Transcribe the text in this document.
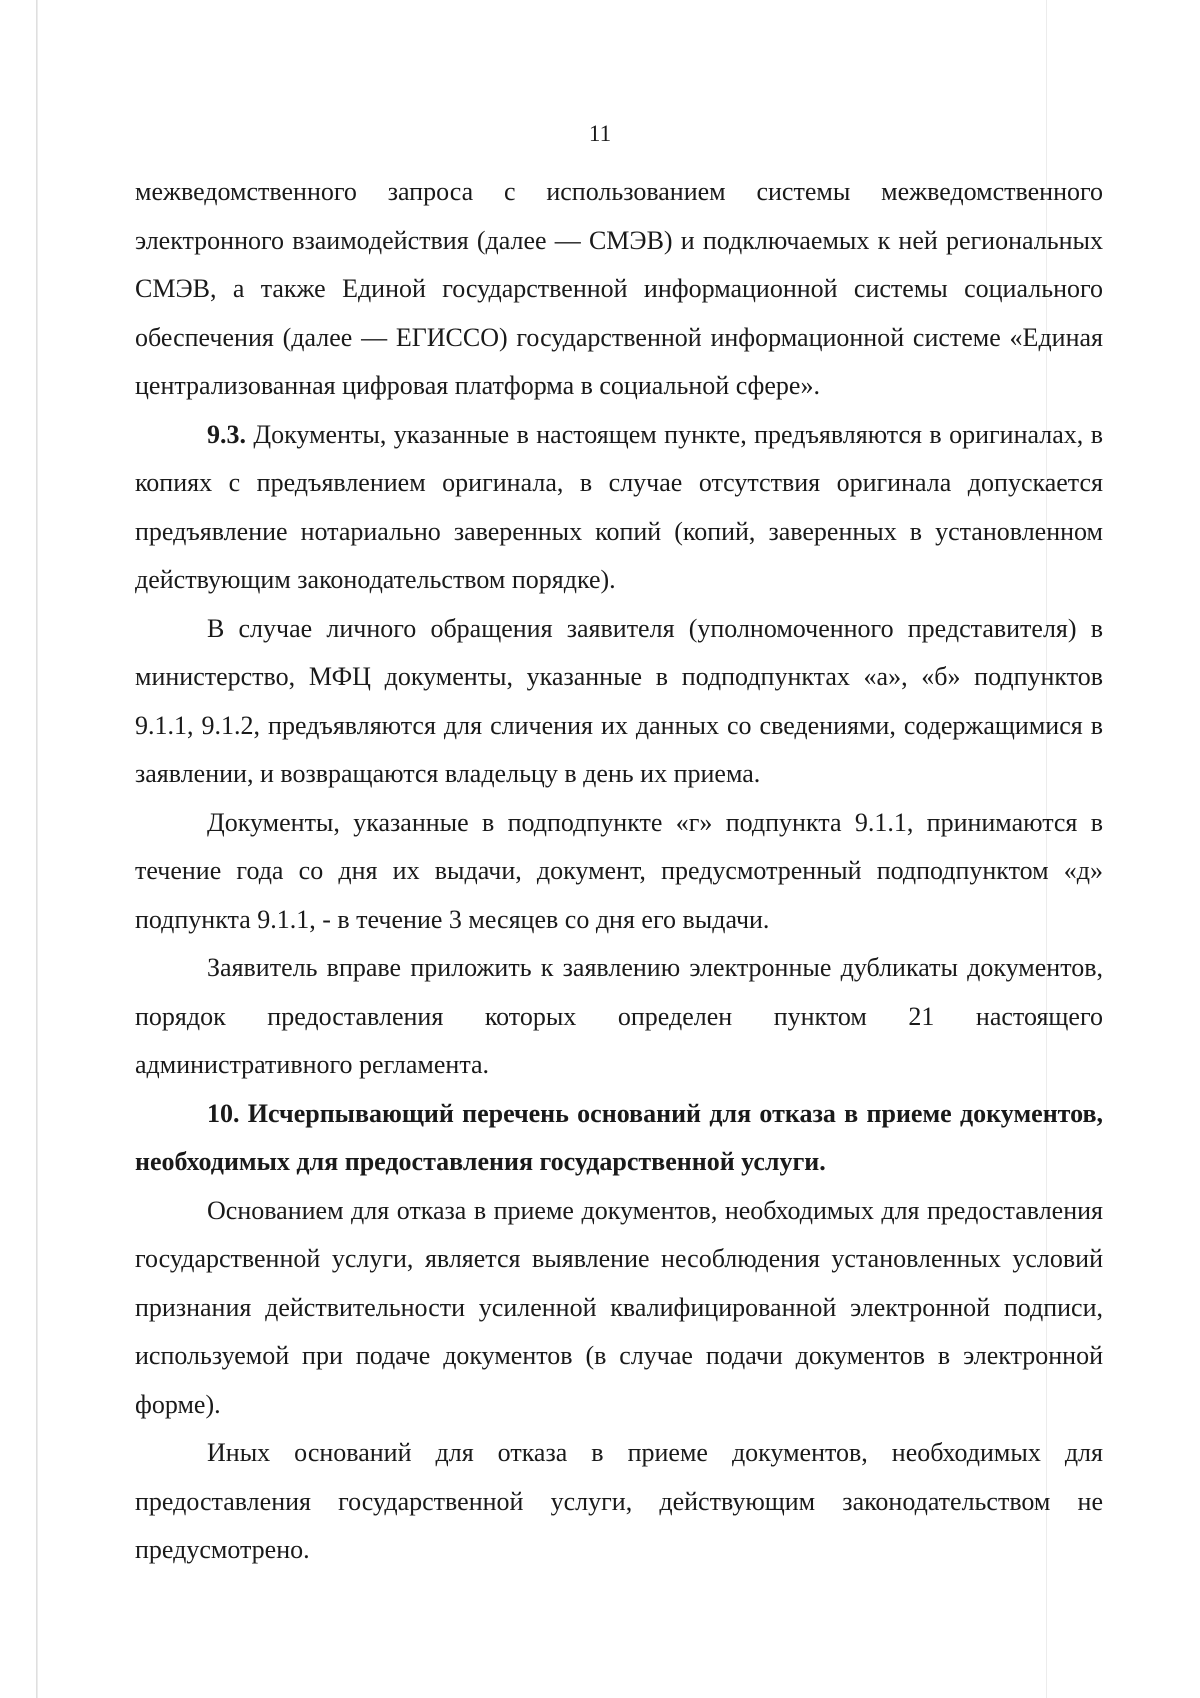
11

межведомственного запроса с использованием системы межведомственного электронного взаимодействия (далее — СМЭВ) и подключаемых к ней региональных СМЭВ, а также Единой государственной информационной системы социального обеспечения (далее — ЕГИССО) государственной информационной системе «Единая централизованная цифровая платформа в социальной сфере».

9.3. Документы, указанные в настоящем пункте, предъявляются в оригиналах, в копиях с предъявлением оригинала, в случае отсутствия оригинала допускается предъявление нотариально заверенных копий (копий, заверенных в установленном действующим законодательством порядке).

В случае личного обращения заявителя (уполномоченного представителя) в министерство, МФЦ документы, указанные в подподпунктах «а», «б» подпунктов 9.1.1, 9.1.2, предъявляются для сличения их данных со сведениями, содержащимися в заявлении, и возвращаются владельцу в день их приема.

Документы, указанные в подподпункте «г» подпункта 9.1.1, принимаются в течение года со дня их выдачи, документ, предусмотренный подподпунктом «д» подпункта 9.1.1, - в течение 3 месяцев со дня его выдачи.

Заявитель вправе приложить к заявлению электронные дубликаты документов, порядок предоставления которых определен пунктом 21 настоящего административного регламента.

10. Исчерпывающий перечень оснований для отказа в приеме документов, необходимых для предоставления государственной услуги.

Основанием для отказа в приеме документов, необходимых для предоставления государственной услуги, является выявление несоблюдения установленных условий признания действительности усиленной квалифицированной электронной подписи, используемой при подаче документов (в случае подачи документов в электронной форме).

Иных оснований для отказа в приеме документов, необходимых для предоставления государственной услуги, действующим законодательством не предусмотрено.
